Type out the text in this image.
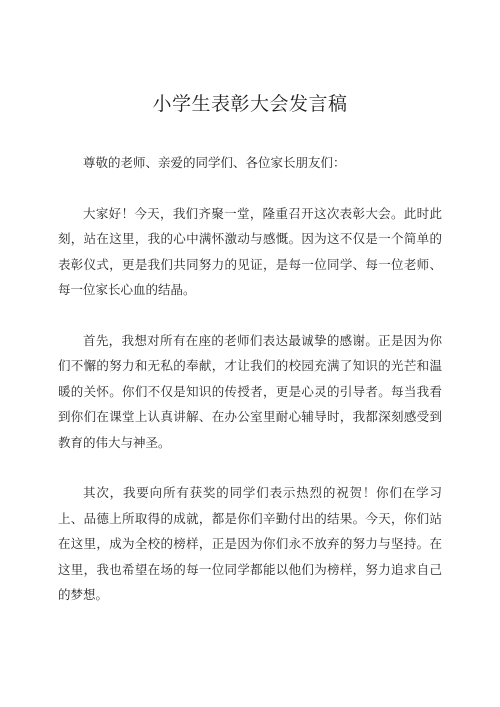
小学生表彰大会发言稿

尊敬的老师、亲爱的同学们、各位家长朋友们：

大家好！今天，我们齐聚一堂，隆重召开这次表彰大会。此时此刻，站在这里，我的心中满怀激动与感慨。因为这不仅是一个简单的表彰仪式，更是我们共同努力的见证，是每一位同学、每一位老师、每一位家长心血的结晶。

首先，我想对所有在座的老师们表达最诚挚的感谢。正是因为你们不懈的努力和无私的奉献，才让我们的校园充满了知识的光芒和温暖的关怀。你们不仅是知识的传授者，更是心灵的引导者。每当我看到你们在课堂上认真讲解、在办公室里耐心辅导时，我都深刻感受到教育的伟大与神圣。

其次，我要向所有获奖的同学们表示热烈的祝贺！你们在学习上、品德上所取得的成就，都是你们辛勤付出的结果。今天，你们站在这里，成为全校的榜样，正是因为你们永不放弃的努力与坚持。在这里，我也希望在场的每一位同学都能以他们为榜样，努力追求自己的梦想。
